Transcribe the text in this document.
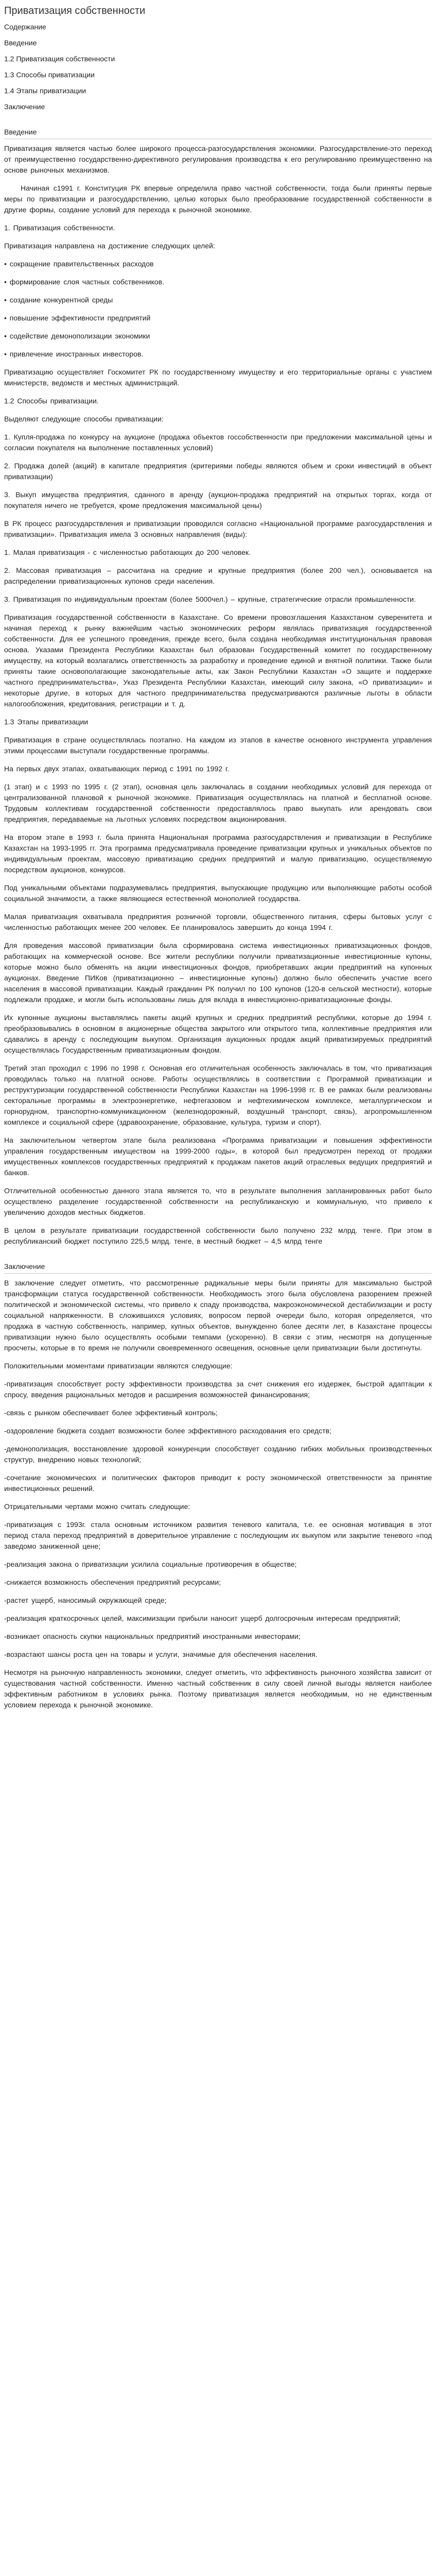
Приватизация собственности
Содержание
Введение
1.2 Приватизация собственности
1.3 Способы приватизации
1.4 Этапы приватизации
Заключение
Введение

Приватизация является частью более широкого процесса-разгосударствления экономики. Разгосударствление-это переход от преимущественно государственно-директивного регулирования производства к его регулированию преимущественно на основе рыночных механизмов.

Начиная с1991 г. Конституция РК впервые определила право частной собственности, тогда были приняты первые меры по приватизации и разгосударствлению, целью которых было преобразование государственной собственности в другие формы, создание условий для перехода к рыночной экономике.

1. Приватизация собственности.

Приватизация направлена на достижение следующих целей:

• сокращение правительственных расходов

• формирование слоя частных собственников.

• создание конкурентной среды

• повышение эффективности предприятий

• содействие демонополизации экономики

• привлечение иностранных инвесторов.

Приватизацию осуществляет Госкомитет РК по государственному имуществу и его территориальные органы с участием министерств, ведомств и местных администраций.

1.2 Способы приватизации.

Выделяют следующие способы приватизации:

1. Купля-продажа по конкурсу на аукционе (продажа объектов госсобственности при предложении максимальной цены и согласии покупателя на выполнение поставленных условий)

2. Продажа долей (акций) в капитале предприятия (критериями победы являются объем и сроки инвестиций в объект приватизации)

3. Выкуп имущества предприятия, сданного в аренду (аукцион-продажа предприятий на открытых торгах, когда от покупателя ничего не требуется, кроме предложения максимальной цены)

В РК процесс разгосударствления и приватизации проводился согласно «Национальной программе разгосударствления и приватизации». Приватизация имела 3 основных направления (виды):

1. Малая приватизация - с численностью работающих до 200 человек.

2. Массовая приватизация – рассчитана на средние и крупные предприятия (более 200 чел.), основывается на распределении приватизационных купонов среди населения.

3. Приватизация по индивидуальным проектам (более 5000чел.) – крупные, стратегические отрасли промышленности.

Приватизация государственной собственности в Казахстане. Со времени провозглашения Казахстаном суверенитета и начиная переход к рынку важнейшим частью экономических реформ являлась приватизация государственной собственности. Для ее успешного проведения, прежде всего, была создана необходимая институциональная правовая основа. Указами Президента Республики Казахстан был образован Государственный комитет по государственному имуществу, на который возлагались ответственность за разработку и проведение единой и внятной политики. Также были приняты такие основополагающие законодательные акты, как Закон Республики Казахстан «О защите и поддержке частного предпринимательства», Указ Президента Республики Казахстан, имеющий силу закона, «О приватизации» и некоторые другие, в которых для частного предпринимательства предусматриваются различные льготы в области налогообложения, кредитования, регистрации и т. д.

1.3 Этапы приватизации

Приватизация в стране осуществлялась поэтапно. На каждом из этапов в качестве основного инструмента управления этими процессами выступали государственные программы.

На первых двух этапах, охватывающих период с 1991 по 1992 г.

(1 этап) и с 1993 по 1995 г. (2 этап), основная цель заключалась в создании необходимых условий для перехода от централизованной плановой к рыночной экономике. Приватизация осуществлялась на платной и бесплатной основе. Трудовым коллективам государственной собственности предоставлялось право выкупать или арендовать свои предприятия, передаваемые на льготных условиях посредством акционирования.

На втором этапе в 1993 г. была принята Национальная программа разгосударствления и приватизации в Республике Казахстан на 1993-1995 гг. Эта программа предусматривала проведение приватизации крупных и уникальных объектов по индивидуальным проектам, массовую приватизацию средних предприятий и малую приватизацию, осуществляемую посредством аукционов, конкурсов.

Под уникальными объектами подразумевались предприятия, выпускающие продукцию или выполняющие работы особой социальной значимости, а также являющиеся естественной монополией государства.

Малая приватизация охватывала предприятия розничной торговли, общественного питания, сферы бытовых услуг с численностью работающих менее 200 человек. Ее планировалось завершить до конца 1994 г.

Для проведения массовой приватизации была сформирована система инвестиционных приватизационных фондов, работающих на коммерческой основе. Все жители республики получили приватизационные инвестиционные купоны, которые можно было обменять на акции инвестиционных фондов, приобретавших акции предприятий на купонных аукционах. Введение ПИКов (приватизационно – инвестиционные купоны) должно было обеспечить участие всего населения в массовой приватизации. Каждый гражданин РК получил по 100 купонов (120-в сельской местности), которые подлежали продаже, и могли быть использованы лишь для вклада в инвестиционно-приватизационные фонды.

Их купонные аукционы выставлялись пакеты акций крупных и средних предприятий республики, которые до 1994 г. преобразовывались в основном в акционерные общества закрытого или открытого типа, коллективные предприятия или сдавались в аренду с последующим выкупом. Организация аукционных продаж акций приватизируемых предприятий осуществлялась Государственным приватизационным фондом.

Третий этап проходил с 1996 по 1998 г. Основная его отличительная особенность заключалась в том, что приватизация проводилась только на платной основе. Работы осуществлялись в соответствии с Программой приватизации и реструктуризации государственной собственности Республики Казахстан на 1996-1998 гг. В ее рамках были реализованы секторальные программы в электроэнергетике, нефтегазовом и нефтехимическом комплексе, металлургическом и горнорудном, транспортно-коммуникационном (железнодорожный, воздушный транспорт, связь), агропромышленном комплексе и социальной сфере (здравоохранение, образование, культура, туризм и спорт).

На заключительном четвертом этапе была реализована «Программа приватизации и повышения эффективности управления государственным имуществом на 1999-2000 годы», в которой был предусмотрен переход от продажи имущественных комплексов государственных предприятий к продажам пакетов акций отраслевых ведущих предприятий и банков.

Отличительной особенностью данного этапа является то, что в результате выполнения запланированных работ было осуществлено разделение государственной собственности на республиканскую и коммунальную, что привело к увеличению доходов местных бюджетов.

В целом в результате приватизации государственной собственности было получено 232 млрд. тенге. При этом в республиканский бюджет поступило 225,5 млрд. тенге, в местный бюджет – 4,5 млрд тенге

Заключение

В заключение следует отметить, что рассмотренные радикальные меры были приняты для максимально быстрой трансформации статуса государственной собственности. Необходимость этого была обусловлена разорением прежней политической и экономической системы, что привело к спаду производства, макроэкономической дестабилизации и росту социальной напряженности. В сложившихся условиях, вопросом первой очереди было, которая определяется, что продажа в частную собственность, например, купных объектов, вынужденно более десяти лет, в Казахстане процессы приватизации нужно было осуществлять особыми темпами (ускоренно). В связи с этим, несмотря на допущенные просчеты, которые в то время не получили своевременного освещения, основные цели приватизации были достигнуты.

Положительными моментами приватизации являются следующие:

-приватизация способствует росту эффективности производства за счет снижения его издержек, быстрой адаптации к спросу, введения рациональных методов и расширения возможностей финансирования;

-связь с рынком обеспечивает более эффективный контроль;

-оздоровление бюджета создает возможности более эффективного расходования его средств;

-демонополизация, восстановление здоровой конкуренции способствует созданию гибких мобильных производственных структур, внедрению новых технологий;

-сочетание экономических и политических факторов приводит к росту экономической ответственности за принятие инвестиционных решений.

Отрицательными чертами можно считать следующие:

-приватизация с 1993г. стала основным источником развития теневого капитала, т.е. ее основная мотивация в этот период стала переход предприятий в доверительное управление с последующим их выкупом или закрытие теневого «под заведомо заниженной цене;

-реализация закона о приватизации усилила социальные противоречия в обществе;

-снижается возможность обеспечения предприятий ресурсами;

-растет ущерб, наносимый окружающей среде;

-реализация краткосрочных целей, максимизации прибыли наносит ущерб долгосрочным интересам предприятий;

-возникает опасность скупки национальных предприятий иностранными инвесторами;

-возрастают шансы роста цен на товары и услуги, значимые для обеспечения населения.

Несмотря на рыночную направленность экономики, следует отметить, что эффективность рыночного хозяйства зависит от существования частной собственности. Именно частный собственник в силу своей личной выгоды является наиболее эффективным работником в условиях рынка. Поэтому приватизация является необходимым, но не единственным условием перехода к рыночной экономике.
